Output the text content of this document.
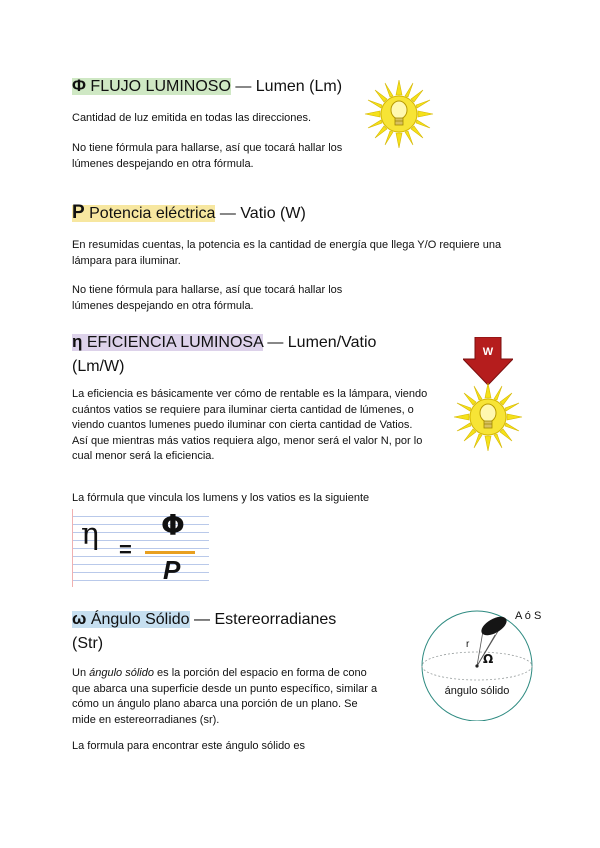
Φ FLUJO LUMINOSO — Lumen (Lm)

Cantidad de luz emitida en todas las direcciones.

No tiene fórmula para hallarse, así que tocará hallar los

lúmenes despejando en otra fórmula.

P Potencia eléctrica — Vatio (W)

En resumidas cuentas, la potencia es la cantidad de energía que llega Y/O requiere una

lámpara para iluminar.

No tiene fórmula para hallarse, así que tocará hallar los

lúmenes despejando en otra fórmula.

η EFICIENCIA LUMINOSA — Lumen/Vatio
(Lm/W)

La eficiencia es básicamente ver cómo de rentable es la lámpara, viendo

cuántos vatios se requiere para iluminar cierta cantidad de lúmenes, o

viendo cuantos lumenes puedo iluminar con cierta cantidad de Vatios.

Así que mientras más vatios requiera algo, menor será el valor N, por lo

cual menor será la eficiencia.

W

La fórmula que vincula los lumens y los vatios es la siguiente

η =
Φ
P
ω Ángulo Sólido — Estereorradianes
(Str)

Un ángulo sólido es la porción del espacio en forma de cono

que abarca una superficie desde un punto específico, similar a

cómo un ángulo plano abarca una porción de un plano. Se

mide en estereorradianes (sr).

La formula para encontrar este ángulo sólido es

A ó S
r
Ω
ángulo sólido
